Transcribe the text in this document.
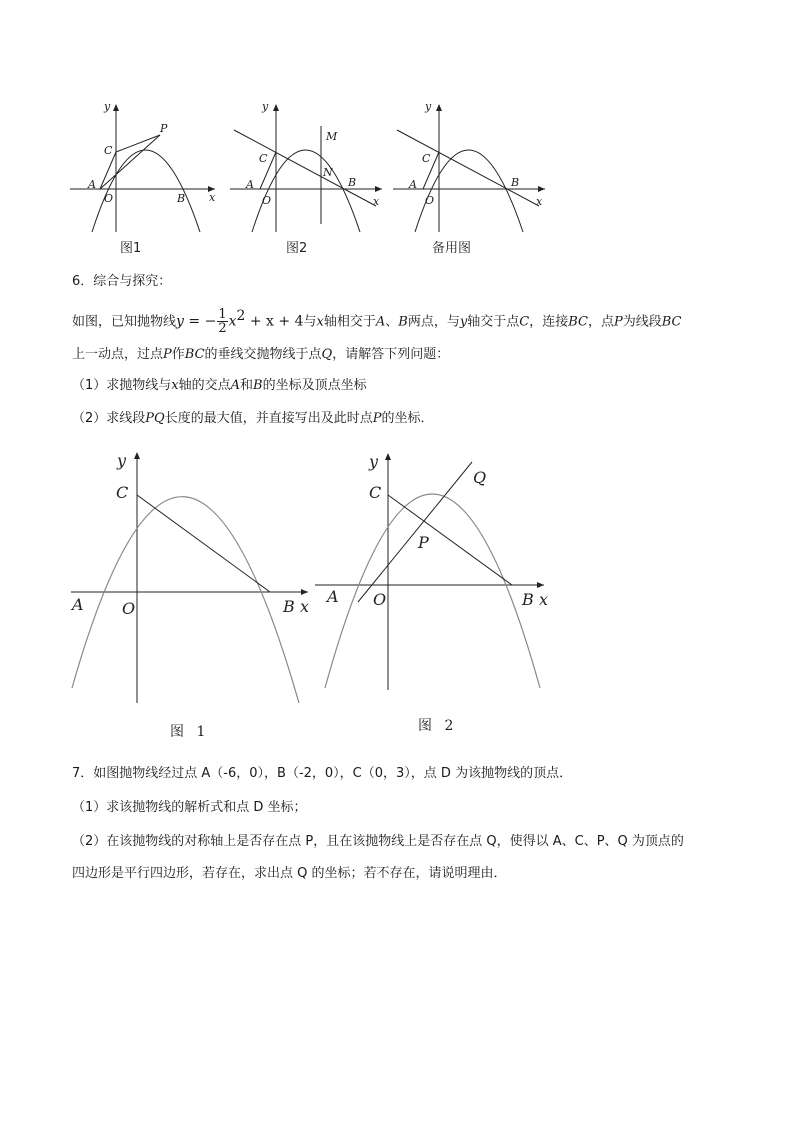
y
x
A
O	B
C
P
图1
y
x
A
O
B
C
M
N
图2
y
x
A
O
B
C
备用图
6．综合与探究：
如图，已知抛物线y = − $\frac{1}{2} x^2 + x + 4$与x轴相交于A、B两点，与y轴交于点C，连接BC，点P为线段BC
上一动点，过点P作BC的垂线交抛物线于点Q，请解答下列问题：
（1）求抛物线与x轴的交点A和B的坐标及顶点坐标
（2）求线段PQ长度的最大值，并直接写出及此时点P的坐标．
y
x
A O	B
C
图 1
y
x
A O	B
C
P
Q
图 2
7．如图抛物线经过点 A（-6，0），B（-2，0），C（0，3），点 D 为该抛物线的顶点．
（1）求该抛物线的解析式和点 D 坐标；
（2）在该抛物线的对称轴上是否存在点 P，且在该抛物线上是否存在点 Q，使得以 A、C、P、Q 为顶点的
四边形是平行四边形，若存在，求出点 Q 的坐标；若不存在，请说明理由．
